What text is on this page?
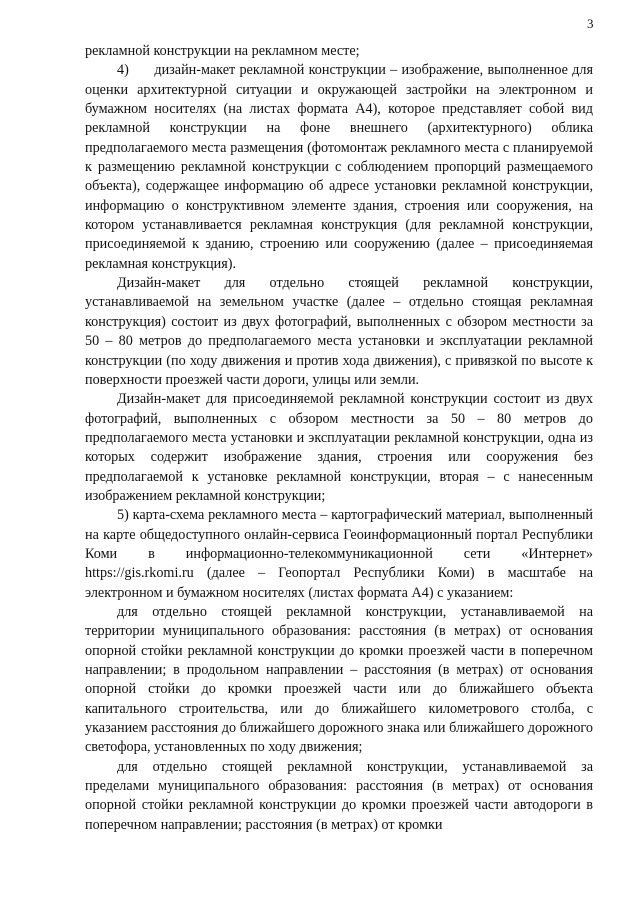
3

рекламной конструкции на рекламном месте;

4)      дизайн-макет рекламной конструкции – изображение, выполненное для оценки архитектурной ситуации и окружающей застройки на электронном и бумажном носителях (на листах формата А4), которое представляет собой вид рекламной конструкции на фоне внешнего (архитектурного) облика предполагаемого места размещения (фотомонтаж рекламного места с планируемой к размещению рекламной конструкции с соблюдением пропорций размещаемого объекта), содержащее информацию об адресе установки рекламной конструкции, информацию о конструктивном элементе здания, строения или сооружения, на котором устанавливается рекламная конструкция (для рекламной конструкции, присоединяемой к зданию, строению или сооружению (далее – присоединяемая рекламная конструкция).

Дизайн-макет для отдельно стоящей рекламной конструкции, устанавливаемой на земельном участке (далее – отдельно стоящая рекламная конструкция) состоит из двух фотографий, выполненных с обзором местности за 50 – 80 метров до предполагаемого места установки и эксплуатации рекламной конструкции (по ходу движения и против хода движения), с привязкой по высоте к поверхности проезжей части дороги, улицы или земли.

Дизайн-макет для присоединяемой рекламной конструкции состоит из двух фотографий, выполненных с обзором местности за 50 – 80 метров до предполагаемого места установки и эксплуатации рекламной конструкции, одна из которых содержит изображение здания, строения или сооружения без предполагаемой к установке рекламной конструкции, вторая – с нанесенным изображением рекламной конструкции;

5) карта-схема рекламного места – картографический материал, выполненный на карте общедоступного онлайн-сервиса Геоинформационный портал Республики Коми в информационно-телекоммуникационной сети «Интернет» https://gis.rkomi.ru (далее – Геопортал Республики Коми) в масштабе на электронном и бумажном носителях (листах формата А4) с указанием:

для отдельно стоящей рекламной конструкции, устанавливаемой на территории муниципального образования: расстояния (в метрах) от основания опорной стойки рекламной конструкции до кромки проезжей части в поперечном направлении; в продольном направлении – расстояния (в метрах) от основания опорной стойки до кромки проезжей части или до ближайшего объекта капитального строительства, или до ближайшего километрового столба, с указанием расстояния до ближайшего дорожного знака или ближайшего дорожного светофора, установленных по ходу движения;

для отдельно стоящей рекламной конструкции, устанавливаемой за пределами муниципального образования: расстояния (в метрах) от основания опорной стойки рекламной конструкции до кромки проезжей части автодороги в поперечном направлении; расстояния (в метрах) от кромки
